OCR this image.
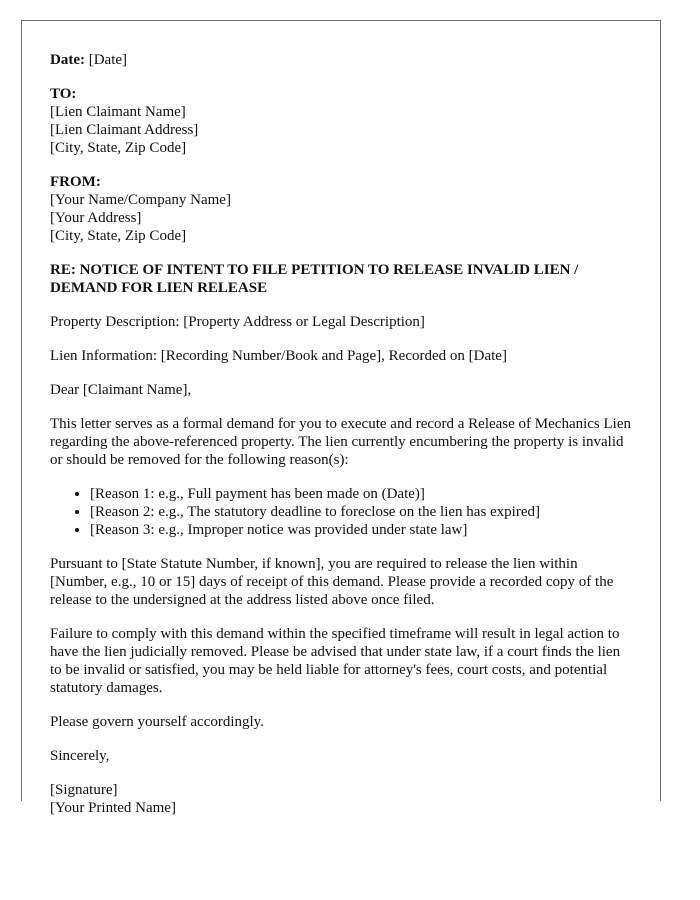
Date: [Date]
TO:
[Lien Claimant Name]
[Lien Claimant Address]
[City, State, Zip Code]
FROM:
[Your Name/Company Name]
[Your Address]
[City, State, Zip Code]
RE: NOTICE OF INTENT TO FILE PETITION TO RELEASE INVALID LIEN / DEMAND FOR LIEN RELEASE

Property Description: [Property Address or Legal Description]

Lien Information: [Recording Number/Book and Page], Recorded on [Date]

Dear [Claimant Name],

This letter serves as a formal demand for you to execute and record a Release of Mechanics Lien regarding the above-referenced property. The lien currently encumbering the property is invalid or should be removed for the following reason(s):

• [Reason 1: e.g., Full payment has been made on (Date)]
• [Reason 2: e.g., The statutory deadline to foreclose on the lien has expired]
• [Reason 3: e.g., Improper notice was provided under state law]

Pursuant to [State Statute Number, if known], you are required to release the lien within [Number, e.g., 10 or 15] days of receipt of this demand. Please provide a recorded copy of the release to the undersigned at the address listed above once filed.

Failure to comply with this demand within the specified timeframe will result in legal action to have the lien judicially removed. Please be advised that under state law, if a court finds the lien to be invalid or satisfied, you may be held liable for attorney's fees, court costs, and potential statutory damages.

Please govern yourself accordingly.

Sincerely,

[Signature]
[Your Printed Name]
